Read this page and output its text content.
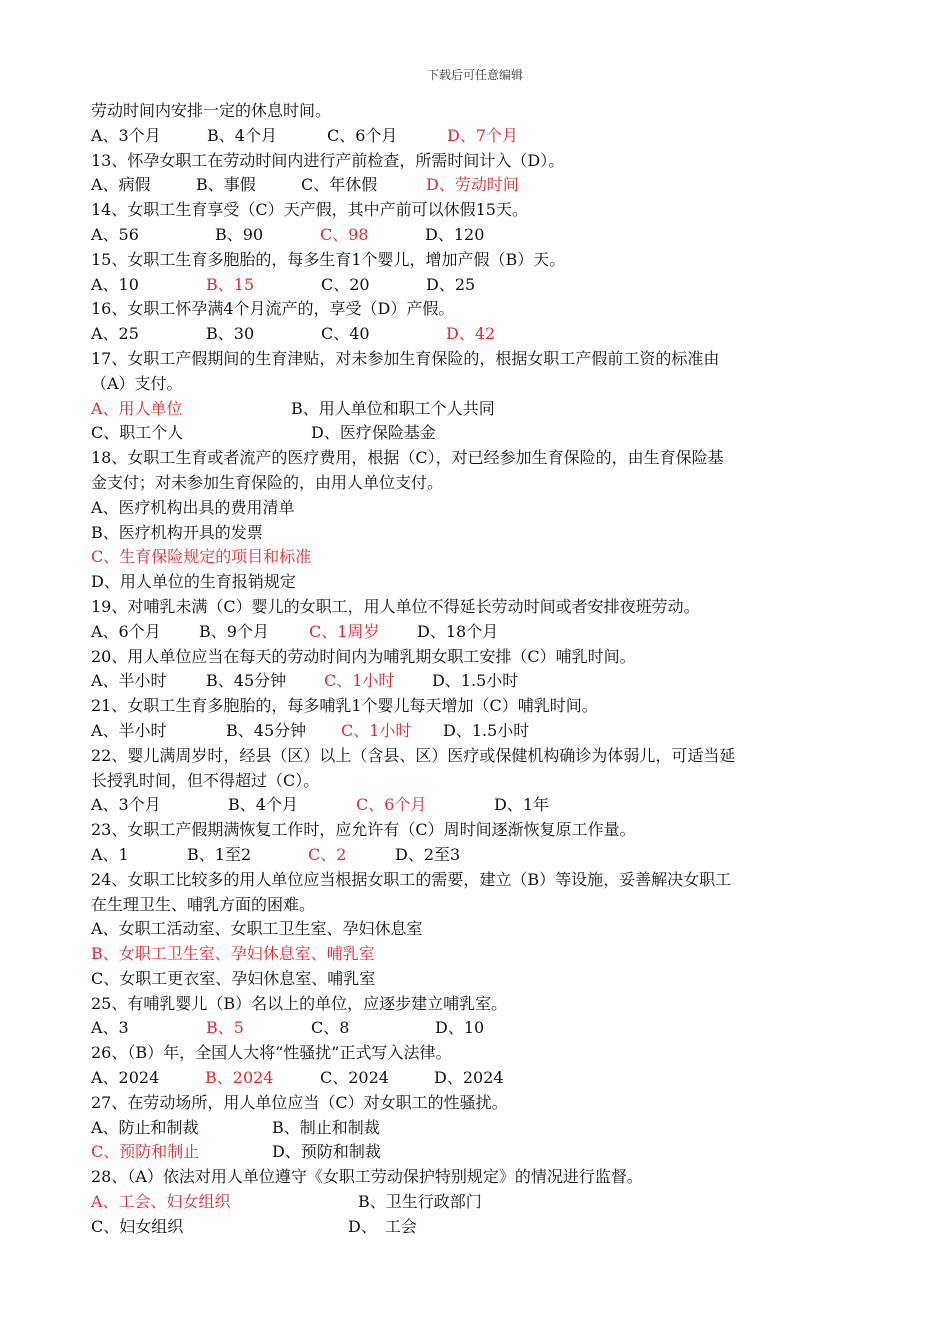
下载后可任意编辑
劳动时间内安排一定的休息时间。
A、3个月	B、4个月	C、6个月	D、7个月
13、怀孕女职工在劳动时间内进行产前检查，所需时间计入（D）。
A、病假	B、事假	C、年休假	D、劳动时间
14、女职工生育享受（C）天产假，其中产前可以休假15天。
A、56	B、90	C、98	D、120
15、女职工生育多胞胎的，每多生育1个婴儿，增加产假（B）天。
A、10	B、15	C、20	D、25
16、女职工怀孕满4个月流产的，享受（D）产假。
A、25	B、30	C、40	D、42
17、女职工产假期间的生育津贴，对未参加生育保险的，根据女职工产假前工资的标准由
（A）支付。
A、用人单位	B、用人单位和职工个人共同
C、职工个人	D、医疗保险基金
18、女职工生育或者流产的医疗费用，根据（C），对已经参加生育保险的，由生育保险基
金支付；对未参加生育保险的，由用人单位支付。
A、医疗机构出具的费用清单
B、医疗机构开具的发票
C、生育保险规定的项目和标准
D、用人单位的生育报销规定
19、对哺乳未满（C）婴儿的女职工，用人单位不得延长劳动时间或者安排夜班劳动。
A、6个月 B、9个月	C、1周岁 D、18个月
20、用人单位应当在每天的劳动时间内为哺乳期女职工安排（C）哺乳时间。
A、半小时 B、45分钟 C、1小时 D、1.5小时
21、女职工生育多胞胎的，每多哺乳1个婴儿每天增加（C）哺乳时间。
A、半小时	B、45分钟 C、1小时 D、1.5小时
22、婴儿满周岁时，经县（区）以上（含县、区）医疗或保健机构确诊为体弱儿，可适当延
长授乳时间，但不得超过（C）。
A、3个月	B、4个月	C、6个月	D、1年
23、女职工产假期满恢复工作时，应允许有（C）周时间逐渐恢复原工作量。
A、1	B、1至2	C、2	D、2至3
24、女职工比较多的用人单位应当根据女职工的需要，建立（B）等设施，妥善解决女职工
在生理卫生、哺乳方面的困难。
A、女职工活动室、女职工卫生室、孕妇休息室
B、女职工卫生室、孕妇休息室、哺乳室
C、女职工更衣室、孕妇休息室、哺乳室
25、有哺乳婴儿（B）名以上的单位，应逐步建立哺乳室。
A、3	B、5	C、8	D、10
26、（B）年，全国人大将“性骚扰”正式写入法律。
A、2024	B、2024	C、2024	D、2024
27、在劳动场所，用人单位应当（C）对女职工的性骚扰。
A、防止和制裁	B、制止和制裁
C、预防和制止	D、预防和制裁
28、（A）依法对用人单位遵守《女职工劳动保护特别规定》的情况进行监督。
A、工会、妇女组织	B、卫生行政部门
C、妇女组织	D、　工会
